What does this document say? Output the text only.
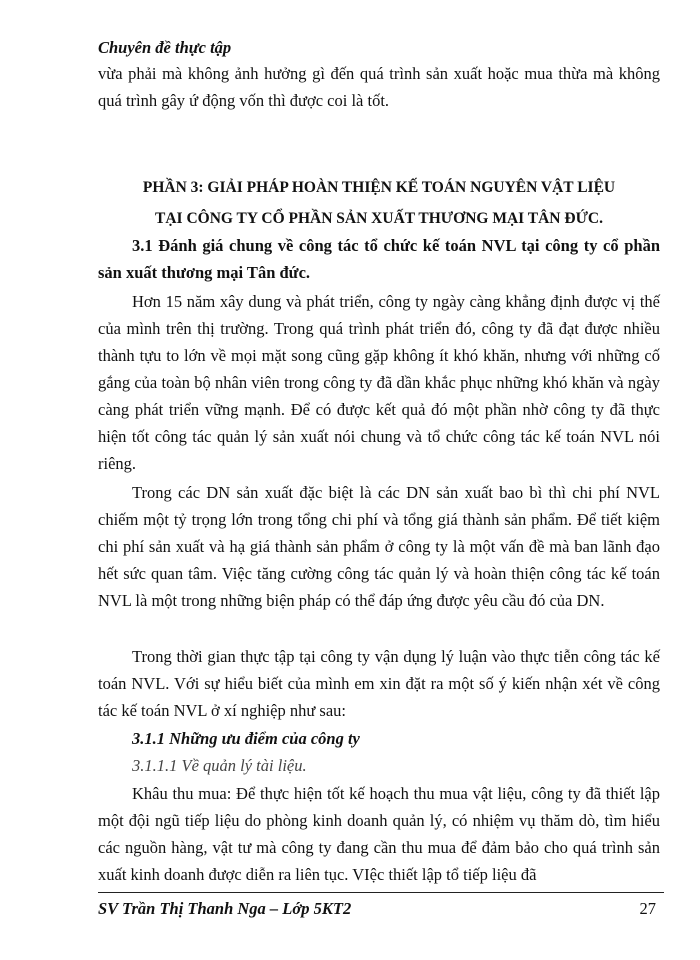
Chuyên đề thực tập
vừa phải mà không ảnh hưởng gì đến quá trình sản xuất hoặc mua thừa mà không quá trình gây ứ động vốn thì được coi là tốt.
PHẦN 3: GIẢI PHÁP HOÀN THIỆN KẾ TOÁN NGUYÊN VẬT LIỆU
TẠI CÔNG TY CỔ PHẦN SẢN XUẤT THƯƠNG MẠI TÂN ĐỨC.
3.1 Đánh giá chung về công tác tổ chức kế toán NVL tại công ty cổ phần sản xuất thương mại Tân đức.
Hơn 15 năm xây dung và phát triển, công ty ngày càng khẳng định được vị thế của mình trên thị trường. Trong quá trình phát triển đó, công ty đã đạt được nhiều thành tựu to lớn về mọi mặt song cũng gặp không ít khó khăn, nhưng với những cố gắng của toàn bộ nhân viên trong công ty đã dần khắc phục những khó khăn và ngày càng phát triển vững mạnh. Để có được kết quả đó một phần nhờ công ty đã thực hiện tốt công tác quản lý sản xuất nói chung và tổ chức công tác kế toán NVL nói riêng.
Trong các DN sản xuất đặc biệt là các DN sản xuất bao bì thì chi phí NVL chiếm một tỷ trọng lớn trong tổng chi phí và tổng giá thành sản phẩm. Để tiết kiệm chi phí sản xuất và hạ giá thành sản phẩm ở công ty là một vấn đề mà ban lãnh đạo hết sức quan tâm. Việc tăng cường công tác quản lý và hoàn thiện công tác kế toán NVL là một trong những biện pháp có thể đáp ứng được yêu cầu đó của DN.
Trong thời gian thực tập tại công ty vận dụng lý luận vào thực tiễn công tác kế toán NVL. Với sự hiểu biết của mình em xin đặt ra một số ý kiến nhận xét về công tác kế toán NVL ở xí nghiệp như sau:
3.1.1 Những ưu điểm của công ty
3.1.1.1 Về quản lý tài liệu.
Khâu thu mua: Để thực hiện tốt kế hoạch thu mua vật liệu, công ty đã thiết lập một đội ngũ tiếp liệu do phòng kinh doanh quản lý, có nhiệm vụ thăm dò, tìm hiểu các nguồn hàng, vật tư mà công ty đang cần thu mua để đảm bảo cho quá trình sản xuất kinh doanh được diễn ra liên tục. VIệc thiết lập tổ tiếp liệu đã
SV Trần Thị Thanh Nga – Lớp 5KT2	27
